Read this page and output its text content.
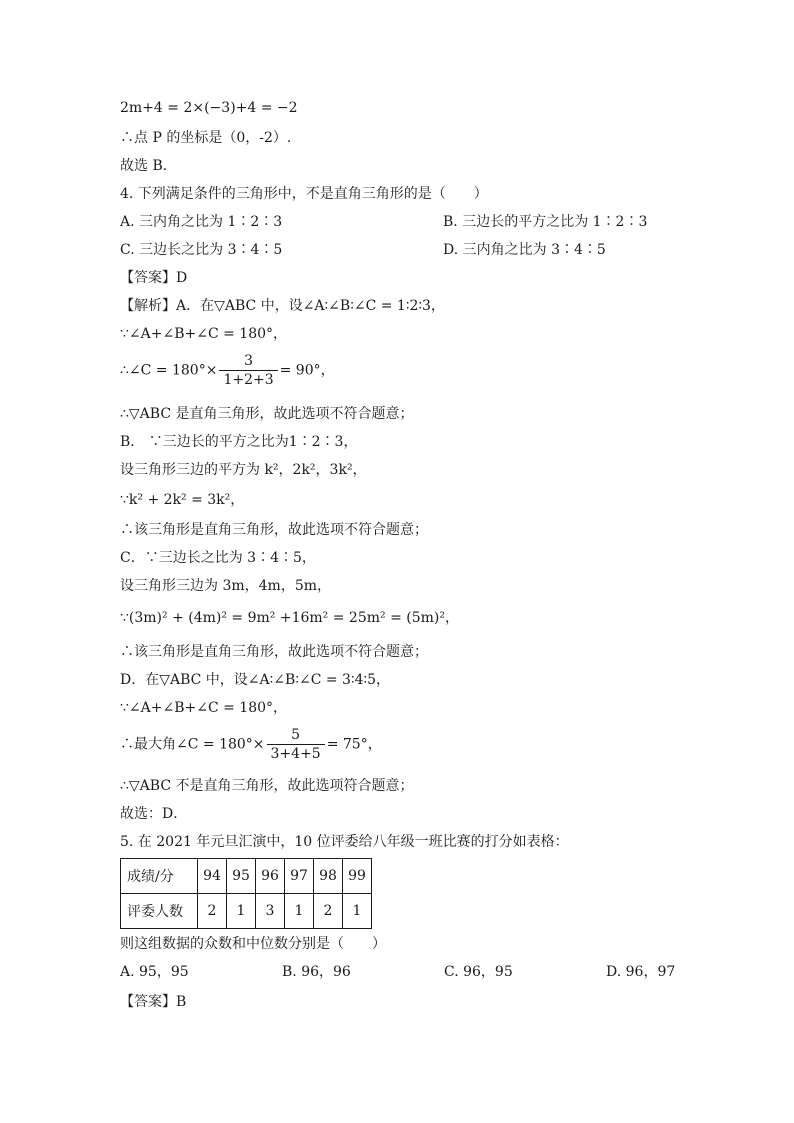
2m+4 = 2×(−3)+4 = −2
∴点 P 的坐标是（0，-2）.
故选 B．
4. 下列满足条件的三角形中，不是直角三角形的是（　　）
A. 三内角之比为 1∶2∶3	B. 三边长的平方之比为 1∶2∶3
C. 三边长之比为 3∶4∶5	D. 三内角之比为 3∶4∶5
【答案】D
【解析】A．在▽ABC 中，设∠A∶∠B∶∠C = 1∶2∶3，
∵∠A+∠B+∠C = 180°，
∴∠C = $180^\circ\times \frac{3}{1+2+3} = 90^\circ$，
∴▽ABC 是直角三角形，故此选项不符合题意；
B． ∵三边长的平方之比为1∶2∶3，
设三角形三边的平方为 k²，2k²，3k²，
∵k² + 2k² = 3k²，
∴该三角形是直角三角形，故此选项不符合题意；
C．∵三边长之比为 3∶4∶5，
设三角形三边为 3m，4m，5m，
∵(3m)² + (4m)² = 9m² +16m² = 25m² = (5m)²，
∴该三角形是直角三角形，故此选项不符合题意；
D．在▽ABC 中，设∠A∶∠B∶∠C = 3∶4∶5，
∵∠A+∠B+∠C = 180°，
∴最大角∠C = $180^\circ\times \frac{5}{3+4+5} = 75^\circ$，
∴▽ABC 不是直角三角形，故此选项符合题意；
故选：D．
5. 在 2021 年元旦汇演中，10 位评委给八年级一班比赛的打分如表格：
成绩/分	94	95	96	97	98	99
评委人数	2	1	3	1	2	1
则这组数据的众数和中位数分别是（　　）
A. 95，95	B. 96，96	C. 96，95	D. 96，97
【答案】B
